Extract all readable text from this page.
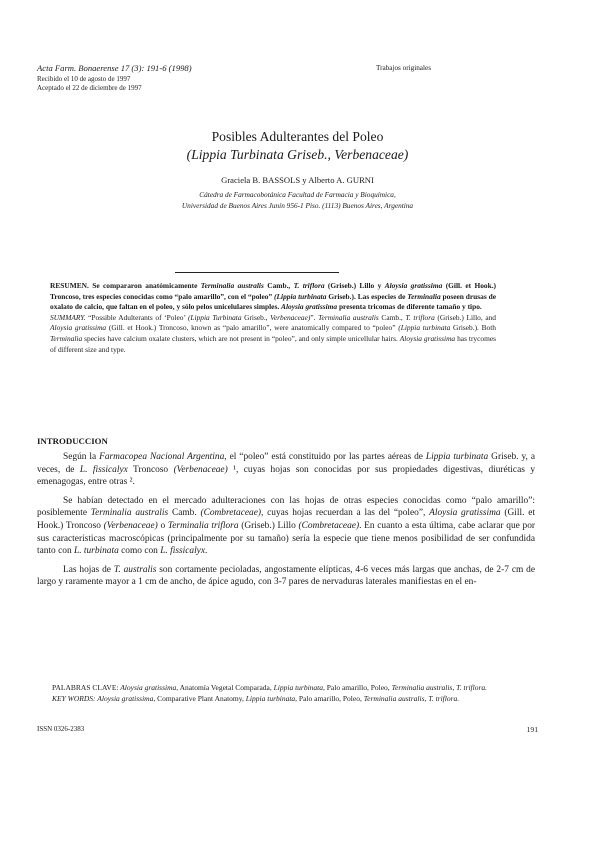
Acta Farm. Bonaerense 17 (3): 191-6 (1998)
Recibido el 10 de agosto de 1997
Aceptado el 22 de diciembre de 1997
Trabajos originales
Posibles Adulterantes del Poleo
(Lippia Turbinata Griseb., Verbenaceae)
Graciela B. BASSOLS y Alberto A. GURNI
Cátedra de Farmacobotánica Facultad de Farmacia y Bioquímica,
Universidad de Buenos Aires Junín 956-1 Piso. (1113) Buenos Aires, Argentina

RESUMEN. Se compararon anatómicamente Terminalia australis Camb., T. triflora (Griseb.) Lillo y Aloysia gratissima (Gill. et Hook.) Troncoso, tres especies conocidas como “palo amarillo”, con el “poleo” (Lippia turbinata Griseb.). Las especies de Terminalia poseen drusas de oxalato de calcio, que faltan en el poleo, y sólo pelos unicelulares simples. Aloysia gratissima presenta tricomas de diferente tamaño y tipo.

SUMMARY. “Possible Adulterants of ‘Poleo’ (Lippia Turbinata Griseb., Verbenaceae)”. Terminalia australis Camb., T. triflora (Griseb.) Lillo, and Aloysia gratissima (Gill. et Hook.) Troncoso, known as “palo amarillo”, were anatomically compared to “poleo” (Lippia turbinata Griseb.). Both Terminalia species have calcium oxalate clusters, which are not present in “poleo”, and only simple unicellular hairs. Aloysia gratissima has trycomes of different size and type.

INTRODUCCION

Según la Farmacopea Nacional Argentina, el “poleo” está constituido por las partes aéreas de Lippia turbinata Griseb. y, a veces, de L. fissicalyx Troncoso (Verbenaceae) ¹, cuyas hojas son conocidas por sus propiedades digestivas, diuréticas y emenagogas, entre otras ².

Se habían detectado en el mercado adulteraciones con las hojas de otras especies conocidas como “palo amarillo”: posiblemente Terminalia australis Camb. (Combretaceae), cuyas hojas recuerdan a las del “poleo”, Aloysia gratissima (Gill. et Hook.) Troncoso (Verbenaceae) o Terminalia triflora (Griseb.) Lillo (Combretaceae). En cuanto a esta última, cabe aclarar que por sus características macroscópicas (principalmente por su tamaño) sería la especie que tiene menos posibilidad de ser confundida tanto con L. turbinata como con L. fissicalyx.

Las hojas de T. australis son cortamente pecioladas, angostamente elípticas, 4-6 veces más largas que anchas, de 2-7 cm de largo y raramente mayor a 1 cm de ancho, de ápice agudo, con 3-7 pares de nervaduras laterales manifiestas en el en-

PALABRAS CLAVE: Aloysia gratissima, Anatomía Vegetal Comparada, Lippia turbinata, Palo amarillo, Poleo, Terminalia australis, T. triflora.

KEY WORDS: Aloysia gratissima, Comparative Plant Anatomy, Lippia turbinata, Palo amarillo, Poleo, Terminalia australis, T. triflora.

ISSN 0326-2383	191
